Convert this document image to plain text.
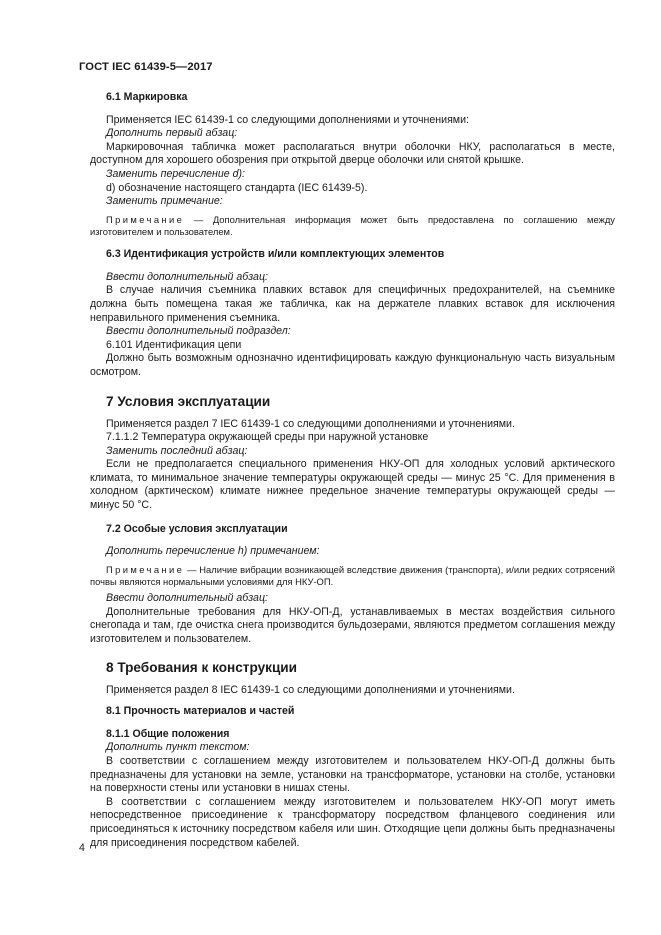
ГОСТ IEC 61439-5—2017

6.1 Маркировка

Применяется IEC 61439-1 со следующими дополнениями и уточнениями:

Дополнить первый абзац:

Маркировочная табличка может располагаться внутри оболочки НКУ, располагаться в месте, доступном для хорошего обозрения при открытой дверце оболочки или снятой крышке.

Заменить перечисление d):

d) обозначение настоящего стандарта (IEC 61439-5).

Заменить примечание:

Примечание — Дополнительная информация может быть предоставлена по соглашению между изготовителем и пользователем.

6.3 Идентификация устройств и/или комплектующих элементов

Ввести дополнительный абзац:

В случае наличия съемника плавких вставок для специфичных предохранителей, на съемнике должна быть помещена такая же табличка, как на держателе плавких вставок для исключения неправильного применения съемника.

Ввести дополнительный подраздел:

6.101 Идентификация цепи

Должно быть возможным однозначно идентифицировать каждую функциональную часть визуальным осмотром.

7 Условия эксплуатации

Применяется раздел 7 IEC 61439-1 со следующими дополнениями и уточнениями.

7.1.1.2 Температура окружающей среды при наружной установке

Заменить последний абзац:

Если не предполагается специального применения НКУ-ОП для холодных условий арктического климата, то минимальное значение температуры окружающей среды — минус 25 °С. Для применения в холодном (арктическом) климате нижнее предельное значение температуры окружающей среды — минус 50 °С.

7.2 Особые условия эксплуатации

Дополнить перечисление h) примечанием:

Примечание — Наличие вибрации возникающей вследствие движения (транспорта), и/или редких сотрясений почвы являются нормальными условиями для НКУ-ОП.

Ввести дополнительный абзац:

Дополнительные требования для НКУ-ОП-Д, устанавливаемых в местах воздействия сильного снегопада и там, где очистка снега производится бульдозерами, являются предметом соглашения между изготовителем и пользователем.

8 Требования к конструкции

Применяется раздел 8 IEC 61439-1 со следующими дополнениями и уточнениями.

8.1 Прочность материалов и частей

8.1.1 Общие положения

Дополнить пункт текстом:

В соответствии с соглашением между изготовителем и пользователем НКУ-ОП-Д должны быть предназначены для установки на земле, установки на трансформаторе, установки на столбе, установки на поверхности стены или установки в нишах стены.

В соответствии с соглашением между изготовителем и пользователем НКУ-ОП могут иметь непосредственное присоединение к трансформатору посредством фланцевого соединения или присоединяться к источнику посредством кабеля или шин. Отходящие цепи должны быть предназначены для присоединения посредством кабелей.

4
